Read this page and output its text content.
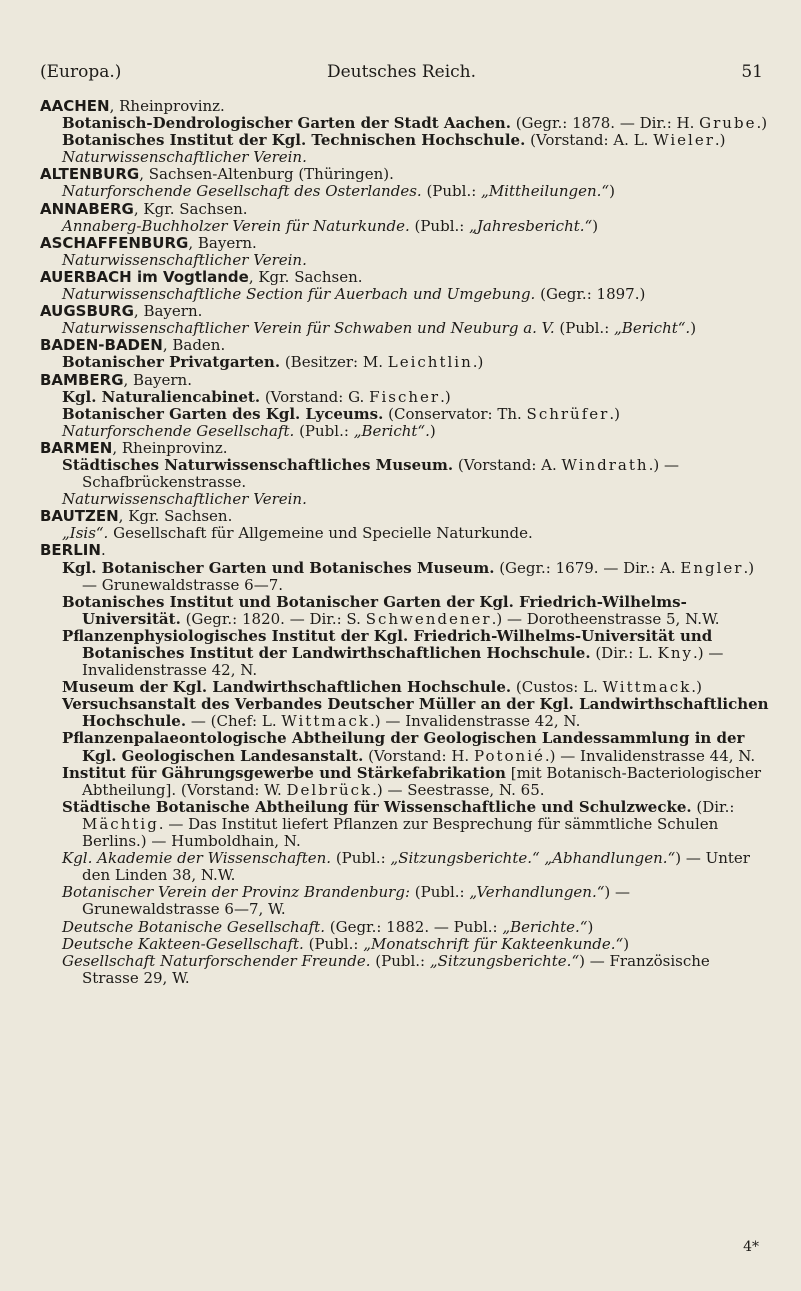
(Europa.)	Deutsches Reich.	51
AACHEN, Rheinprovinz.
Botanisch-Dendrologischer Garten der Stadt Aachen. (Gegr.: 1878. — Dir.: H. Grube.)
Botanisches Institut der Kgl. Technischen Hochschule. (Vorstand: A. L. Wieler.)
Naturwissenschaftlicher Verein.
ALTENBURG, Sachsen-Altenburg (Thüringen).
Naturforschende Gesellschaft des Osterlandes. (Publ.: „Mittheilungen.“)
ANNABERG, Kgr. Sachsen.
Annaberg-Buchholzer Verein für Naturkunde. (Publ.: „Jahresbericht.“)
ASCHAFFENBURG, Bayern.
Naturwissenschaftlicher Verein.
AUERBACH im Vogtlande, Kgr. Sachsen.
Naturwissenschaftliche Section für Auerbach und Umgebung. (Gegr.: 1897.)
AUGSBURG, Bayern.
Naturwissenschaftlicher Verein für Schwaben und Neuburg a. V. (Publ.: „Bericht“.)
BADEN-BADEN, Baden.
Botanischer Privatgarten. (Besitzer: M. Leichtlin.)
BAMBERG, Bayern.
Kgl. Naturaliencabinet. (Vorstand: G. Fischer.)
Botanischer Garten des Kgl. Lyceums. (Conservator: Th. Schrüfer.)
Naturforschende Gesellschaft. (Publ.: „Bericht“.)
BARMEN, Rheinprovinz.
Städtisches Naturwissenschaftliches Museum. (Vorstand: A. Windrath.) — Schafbrückenstrasse.
Naturwissenschaftlicher Verein.
BAUTZEN, Kgr. Sachsen.
„Isis“. Gesellschaft für Allgemeine und Specielle Naturkunde.
BERLIN.
Kgl. Botanischer Garten und Botanisches Museum. (Gegr.: 1679. — Dir.: A. Engler.) — Grunewaldstrasse 6—7.
Botanisches Institut und Botanischer Garten der Kgl. Friedrich-Wilhelms-Universität. (Gegr.: 1820. — Dir.: S. Schwendener.) — Dorotheenstrasse 5, N.W.
Pflanzenphysiologisches Institut der Kgl. Friedrich-Wilhelms-Universität und Botanisches Institut der Landwirthschaftlichen Hochschule. (Dir.: L. Kny.) — Invalidenstrasse 42, N.
Museum der Kgl. Landwirthschaftlichen Hochschule. (Custos: L. Wittmack.)
Versuchsanstalt des Verbandes Deutscher Müller an der Kgl. Landwirthschaftlichen Hochschule. — (Chef: L. Wittmack.) — Invalidenstrasse 42, N.
Pflanzenpalaeontologische Abtheilung der Geologischen Landessammlung in der Kgl. Geologischen Landesanstalt. (Vorstand: H. Potonié.) — Invalidenstrasse 44, N.
Institut für Gährungsgewerbe und Stärkefabrikation [mit Botanisch-Bacteriologischer Abtheilung]. (Vorstand: W. Delbrück.) — Seestrasse, N. 65.
Städtische Botanische Abtheilung für Wissenschaftliche und Schulzwecke. (Dir.: Mächtig. — Das Institut liefert Pflanzen zur Besprechung für sämmtliche Schulen Berlins.) — Humboldhain, N.
Kgl. Akademie der Wissenschaften. (Publ.: „Sitzungsberichte.“ „Abhandlungen.“) — Unter den Linden 38, N.W.
Botanischer Verein der Provinz Brandenburg: (Publ.: „Verhandlungen.“) — Grunewaldstrasse 6—7, W.
Deutsche Botanische Gesellschaft. (Gegr.: 1882. — Publ.: „Berichte.“)
Deutsche Kakteen-Gesellschaft. (Publ.: „Monatschrift für Kakteenkunde.“)
Gesellschaft Naturforschender Freunde. (Publ.: „Sitzungsberichte.“) — Französische Strasse 29, W.
4*
